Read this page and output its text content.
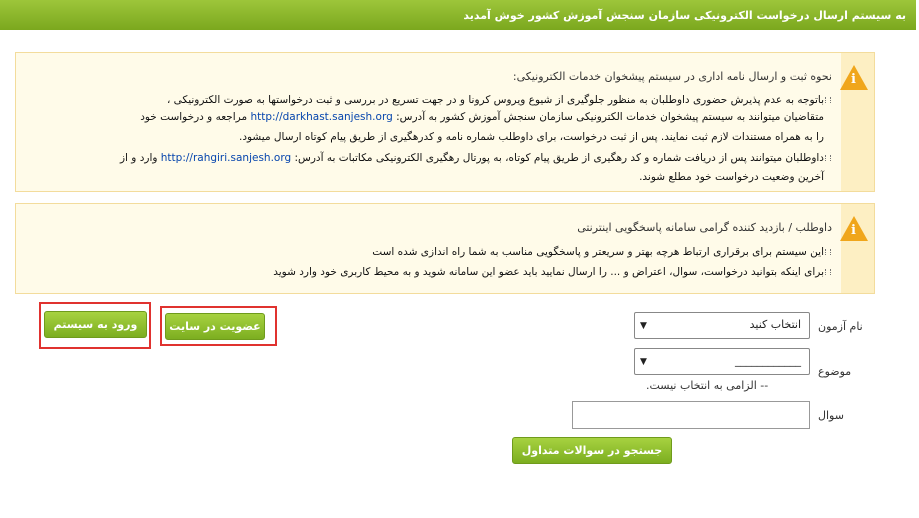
به سیستم ارسال درخواست الکترونیکی سازمان سنجش آموزش کشور خوش آمدید
i
نحوه ثبت و ارسال نامه اداری در سیستم پیشخوان خدمات الکترونیکی:
باتوجه به عدم پذیرش حضوری داوطلبان به منظور جلوگیری از شیوع ویروس کرونا و در جهت تسریع در بررسی و ثبت درخواستها به صورت الکترونیکی ،
متقاضیان میتوانند به سیستم پیشخوان خدمات الکترونیکی سازمان سنجش آموزش کشور به آدرس: http://darkhast.sanjesh.org مراجعه و درخواست خود
را به همراه مستندات لازم ثبت نمایند. پس از ثبت درخواست، برای داوطلب شماره نامه و کدرهگیری از طریق پیام کوتاه ارسال میشود.
داوطلبان میتوانند پس از دریافت شماره و کد رهگیری از طریق پیام کوتاه، به پورتال رهگیری الکترونیکی مکاتبات به آدرس: http://rahgiri.sanjesh.org وارد و از
آخرین وضعیت درخواست خود مطلع شوند.
i
داوطلب / بازدید کننده گرامی سامانه پاسخگویی اینترنتی
این سیستم برای برقراری ارتباط هرچه بهتر و سریعتر و پاسخگویی مناسب به شما راه اندازی شده است
برای اینکه بتوانید درخواست، سوال، اعتراض و ... را ارسال نمایید باید عضو این سامانه شوید و به محیط کاربری خود وارد شوید
ورود به سیستم	عضویت در سایت	نام آزمون
انتخاب کنید
▼
موضوع
____________
▼
-- الزامی به انتخاب نیست.
سوال
جستجو در سوالات متداول
